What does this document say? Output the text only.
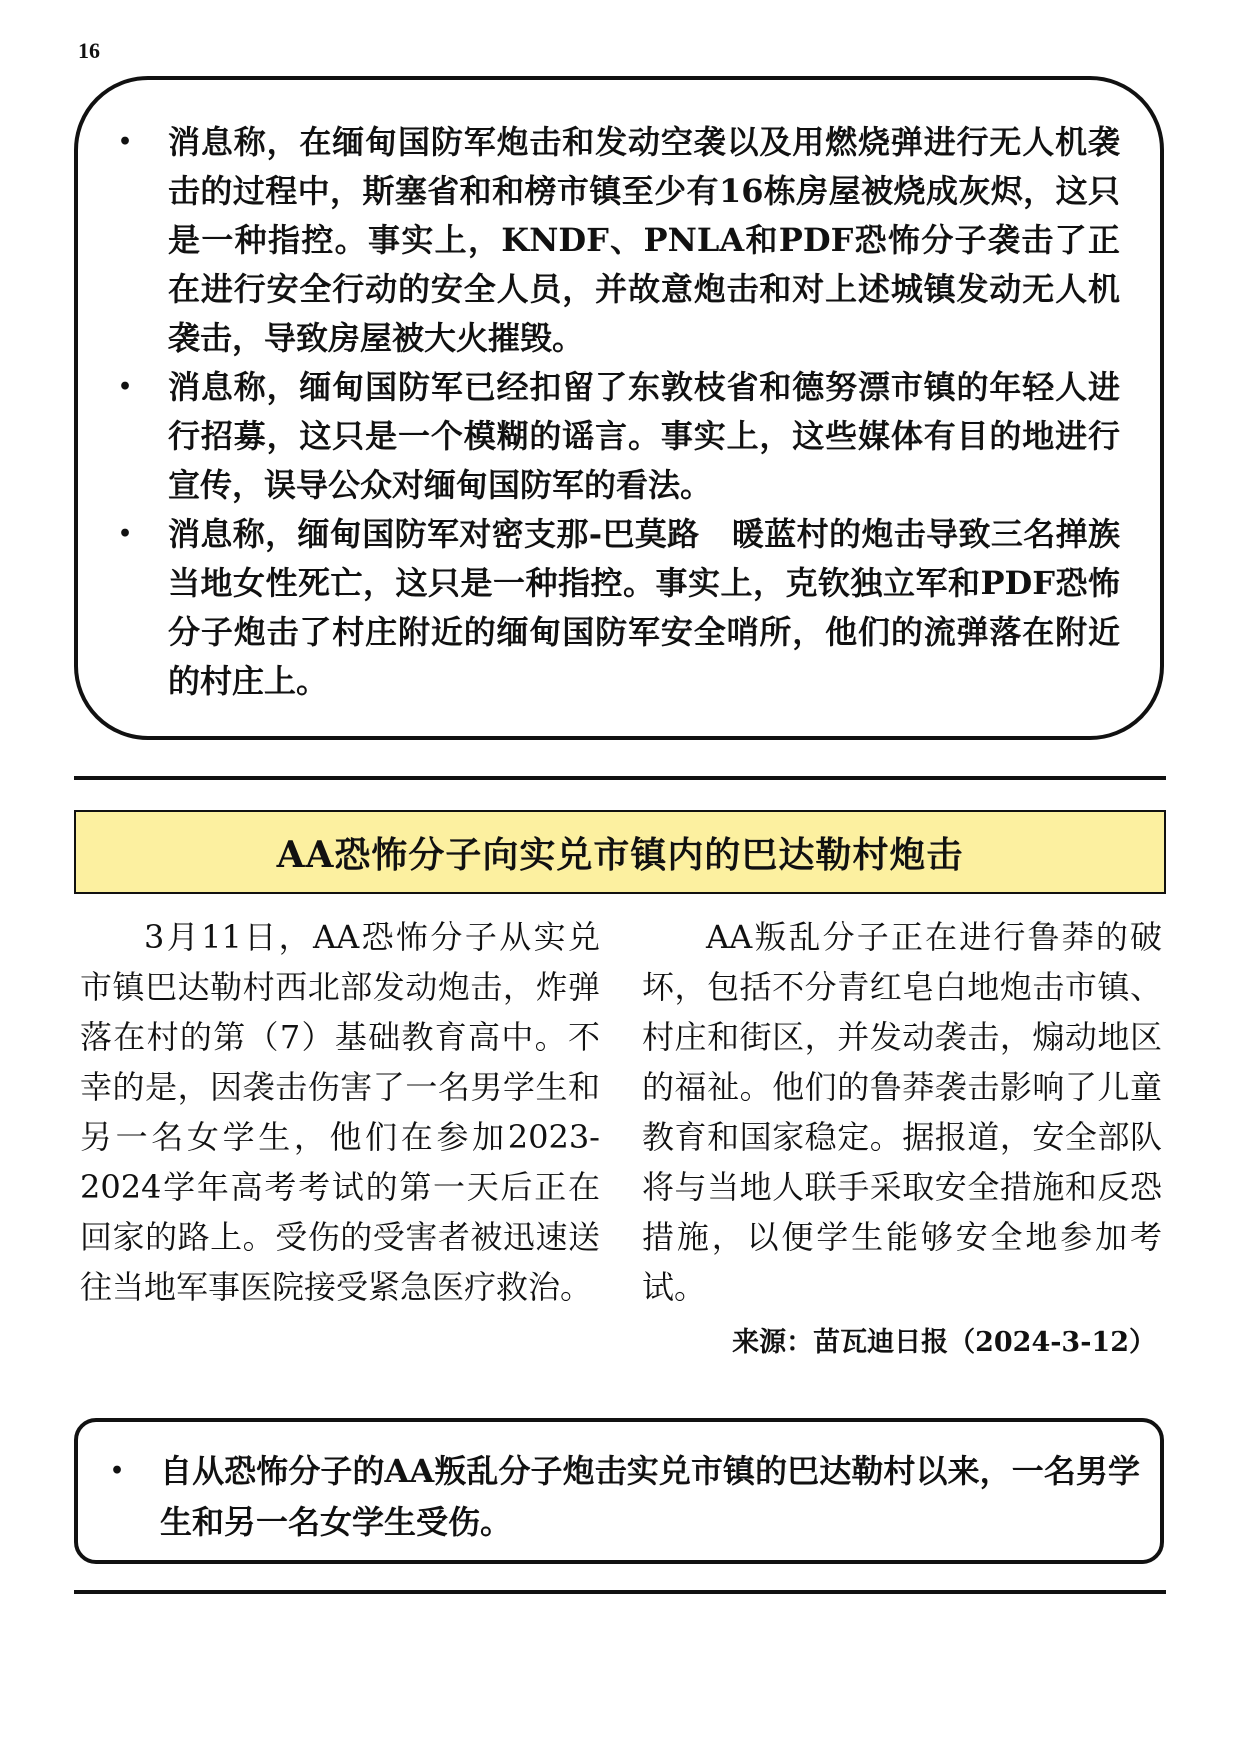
16
• 消息称，在缅甸国防军炮击和发动空袭以及用燃烧弹进行无人机袭击的过程中，斯塞省和和榜市镇至少有16栋房屋被烧成灰烬，这只是一种指控。事实上，KNDF、PNLA和PDF恐怖分子袭击了正在进行安全行动的安全人员，并故意炮击和对上述城镇发动无人机袭击，导致房屋被大火摧毁。
• 消息称，缅甸国防军已经扣留了东敦枝省和德努漂市镇的年轻人进行招募，这只是一个模糊的谣言。事实上，这些媒体有目的地进行宣传，误导公众对缅甸国防军的看法。
• 消息称，缅甸国防军对密支那-巴莫路　暖蓝村的炮击导致三名掸族当地女性死亡，这只是一种指控。事实上，克钦独立军和PDF恐怖分子炮击了村庄附近的缅甸国防军安全哨所，他们的流弹落在附近的村庄上。
AA恐怖分子向实兑市镇内的巴达勒村炮击

3月11日，AA恐怖分子从实兑市镇巴达勒村西北部发动炮击，炸弹落在村的第（7）基础教育高中。不幸的是，因袭击伤害了一名男学生和另一名女学生，他们在参加2023-2024学年高考考试的第一天后正在回家的路上。受伤的受害者被迅速送往当地军事医院接受紧急医疗救治。

AA叛乱分子正在进行鲁莽的破坏，包括不分青红皂白地炮击市镇、村庄和街区，并发动袭击，煽动地区的福祉。他们的鲁莽袭击影响了儿童教育和国家稳定。据报道，安全部队将与当地人联手采取安全措施和反恐措施，以便学生能够安全地参加考试。

来源：苗瓦迪日报（2024-3-12）
• 自从恐怖分子的AA叛乱分子炮击实兑市镇的巴达勒村以来，一名男学生和另一名女学生受伤。
